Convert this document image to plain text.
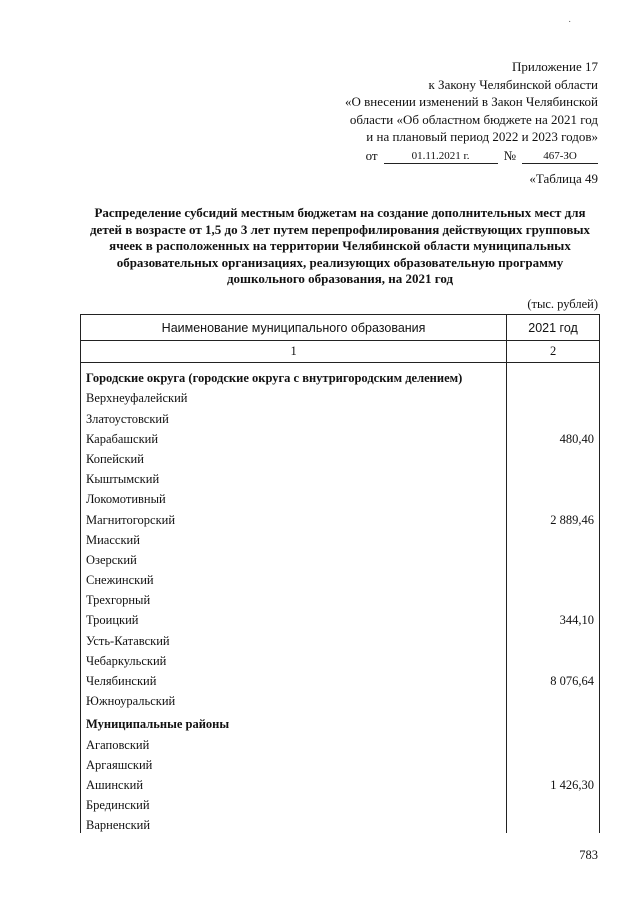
˙
Приложение 17
к Закону Челябинской области
«О внесении изменений в Закон Челябинской
области «Об областном бюджете на 2021 год
и на плановый период 2022 и 2023 годов»
от	01.11.2021 г.	№	467-ЗО
«Таблица 49
Распределение субсидий местным бюджетам на создание дополнительных мест для детей в возрасте от 1,5 до 3 лет путем перепрофилирования действующих групповых ячеек в расположенных на территории Челябинской области муниципальных образовательных организациях, реализующих образовательную программу дошкольного образования, на 2021 год
(тыс. рублей)
Наименование муниципального образования	2021 год
1	2
Городские округа (городские округа с внутригородским делением)	
Верхнеуфалейский	
Златоустовский	
Карабашский	480,40
Копейский	
Кыштымский	
Локомотивный	
Магнитогорский	2 889,46
Миасский	
Озерский	
Снежинский	
Трехгорный	
Троицкий	344,10
Усть-Катавский	
Чебаркульский	
Челябинский	8 076,64
Южноуральский	
Муниципальные районы	
Агаповский	
Аргаяшский	
Ашинский	1 426,30
Брединский	
Варненский	
783
